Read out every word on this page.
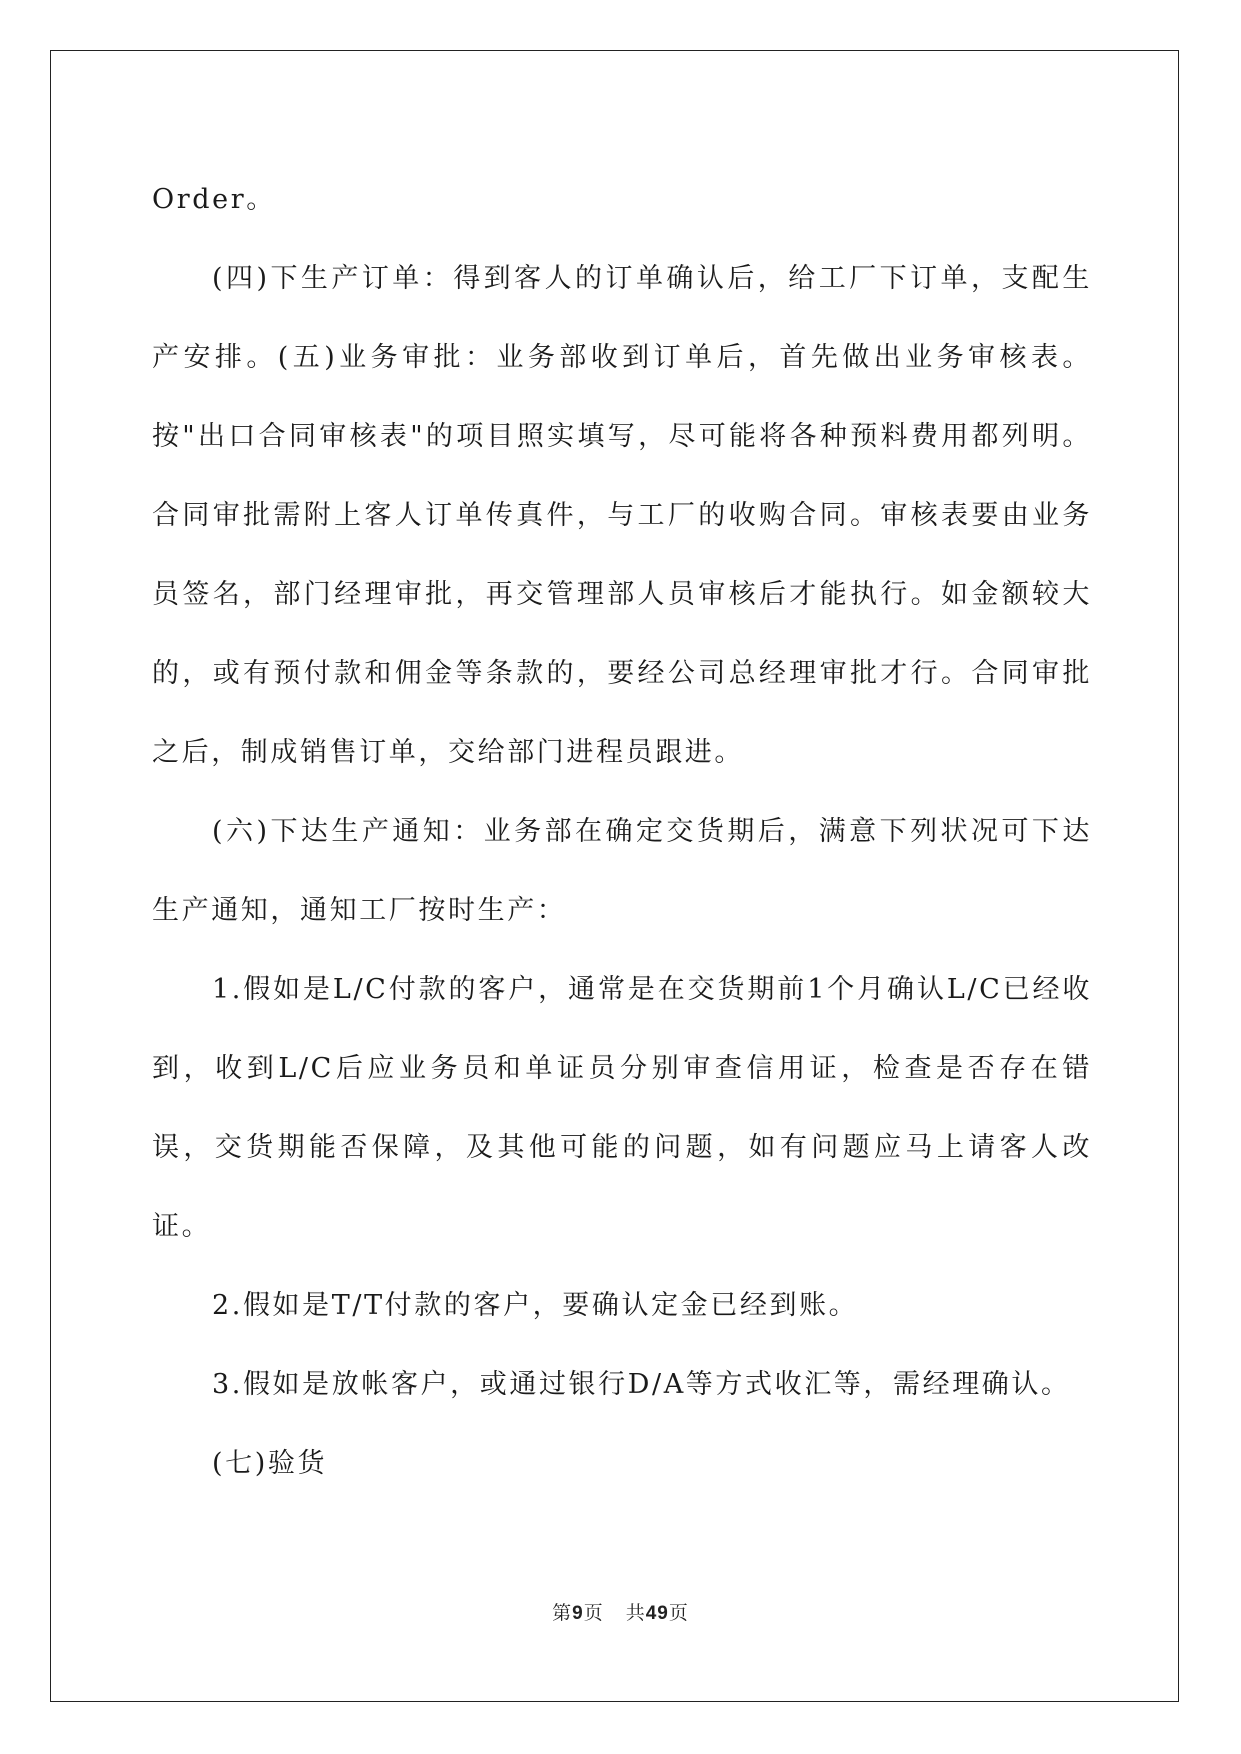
Order。

(四)下生产订单：得到客人的订单确认后，给工厂下订单，支配生产安排。(五)业务审批：业务部收到订单后，首先做出业务审核表。按"出口合同审核表"的项目照实填写，尽可能将各种预料费用都列明。合同审批需附上客人订单传真件，与工厂的收购合同。审核表要由业务员签名，部门经理审批，再交管理部人员审核后才能执行。如金额较大的，或有预付款和佣金等条款的，要经公司总经理审批才行。合同审批之后，制成销售订单，交给部门进程员跟进。

(六)下达生产通知：业务部在确定交货期后，满意下列状况可下达生产通知，通知工厂按时生产：

1.假如是L/C付款的客户，通常是在交货期前1个月确认L/C已经收到，收到L/C后应业务员和单证员分别审查信用证，检查是否存在错误，交货期能否保障，及其他可能的问题，如有问题应马上请客人改证。

2.假如是T/T付款的客户，要确认定金已经到账。

3.假如是放帐客户，或通过银行D/A等方式收汇等，需经理确认。

(七)验货

第9页 共49页
